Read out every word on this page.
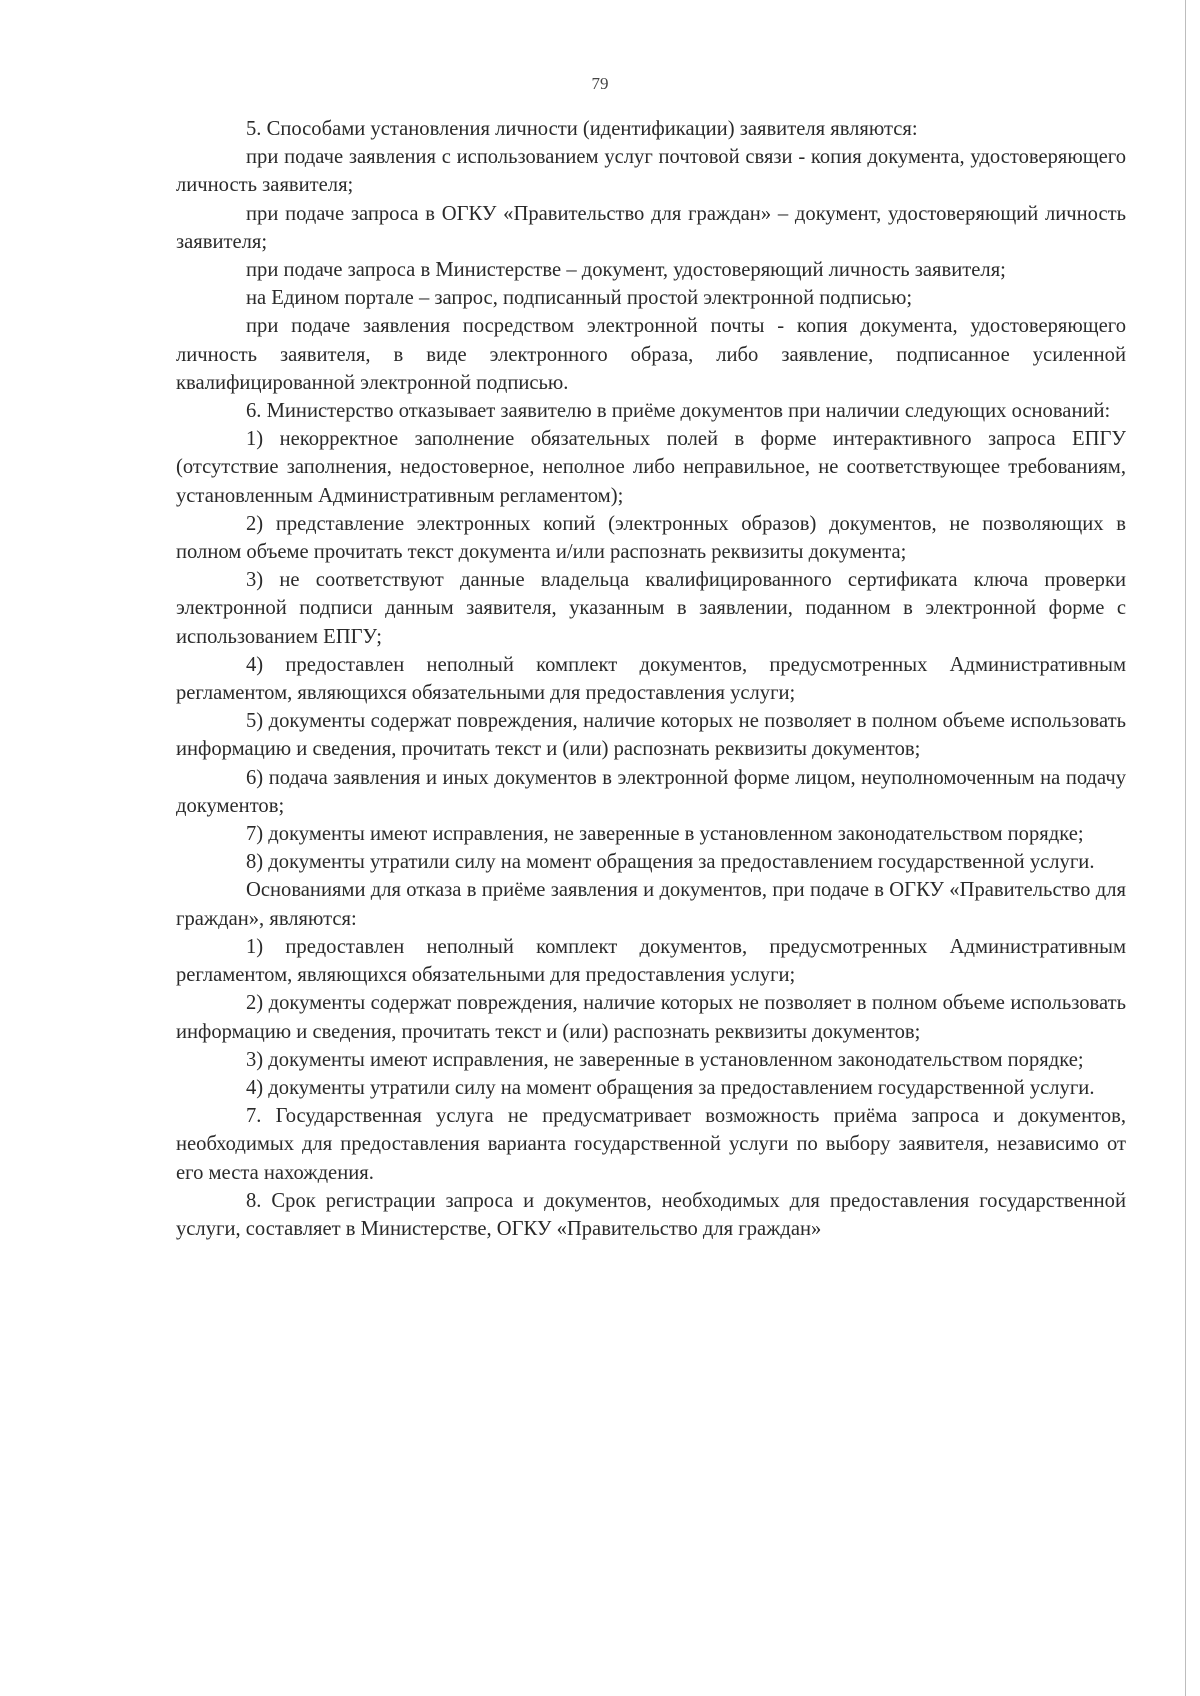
79

5. Способами установления личности (идентификации) заявителя являются:

при подаче заявления с использованием услуг почтовой связи - копия документа, удостоверяющего личность заявителя;

при подаче запроса в ОГКУ «Правительство для граждан» – документ, удостоверяющий личность заявителя;

при подаче запроса в Министерстве – документ, удостоверяющий личность заявителя;

на Едином портале – запрос, подписанный простой электронной подписью;

при подаче заявления посредством электронной почты - копия документа, удостоверяющего личность заявителя, в виде электронного образа, либо заявление, подписанное усиленной квалифицированной электронной подписью.

6. Министерство отказывает заявителю в приёме документов при наличии следующих оснований:

1) некорректное заполнение обязательных полей в форме интерактивного запроса ЕПГУ (отсутствие заполнения, недостоверное, неполное либо неправильное, не соответствующее требованиям, установленным Административным регламентом);

2) представление электронных копий (электронных образов) документов, не позволяющих в полном объеме прочитать текст документа и/или распознать реквизиты документа;

3) не соответствуют данные владельца квалифицированного сертификата ключа проверки электронной подписи данным заявителя, указанным в заявлении, поданном в электронной форме с использованием ЕПГУ;

4) предоставлен неполный комплект документов, предусмотренных Административным регламентом, являющихся обязательными для предоставления услуги;

5) документы содержат повреждения, наличие которых не позволяет в полном объеме использовать информацию и сведения, прочитать текст и (или) распознать реквизиты документов;

6) подача заявления и иных документов в электронной форме лицом, неуполномоченным на подачу документов;

7) документы имеют исправления, не заверенные в установленном законодательством порядке;

8) документы утратили силу на момент обращения за предоставлением государственной услуги.

Основаниями для отказа в приёме заявления и документов, при подаче в ОГКУ «Правительство для граждан», являются:

1) предоставлен неполный комплект документов, предусмотренных Административным регламентом, являющихся обязательными для предоставления услуги;

2) документы содержат повреждения, наличие которых не позволяет в полном объеме использовать информацию и сведения, прочитать текст и (или) распознать реквизиты документов;

3) документы имеют исправления, не заверенные в установленном законодательством порядке;

4) документы утратили силу на момент обращения за предоставлением государственной услуги.

7. Государственная услуга не предусматривает возможность приёма запроса и документов, необходимых для предоставления варианта государственной услуги по выбору заявителя, независимо от его места нахождения.

8. Срок регистрации запроса и документов, необходимых для предоставления государственной услуги, составляет в Министерстве, ОГКУ «Правительство для граждан»
